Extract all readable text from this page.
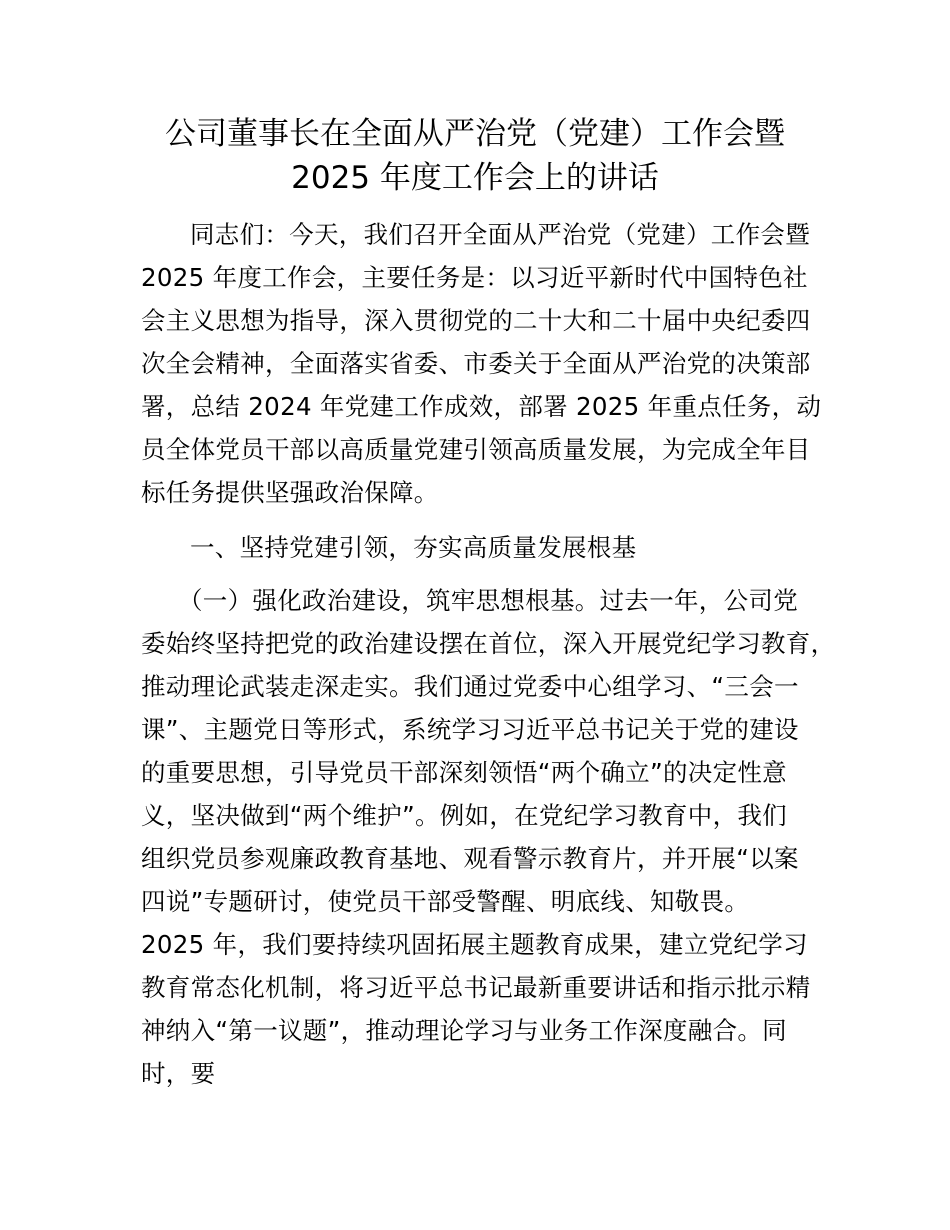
公司董事长在全面从严治党（党建）工作会暨
2025 年度工作会上的讲话
同志们：今天，我们召开全面从严治党（党建）工作会暨
2025 年度工作会，主要任务是：以习近平新时代中国特色社
会主义思想为指导，深入贯彻党的二十大和二十届中央纪委四
次全会精神，全面落实省委、市委关于全面从严治党的决策部
署，总结 2024 年党建工作成效，部署 2025 年重点任务，动
员全体党员干部以高质量党建引领高质量发展，为完成全年目
标任务提供坚强政治保障。
一、坚持党建引领，夯实高质量发展根基
（一）强化政治建设，筑牢思想根基。过去一年，公司党
委始终坚持把党的政治建设摆在首位，深入开展党纪学习教育，
推动理论武装走深走实。我们通过党委中心组学习、“三会一
课”、主题党日等形式，系统学习习近平总书记关于党的建设
的重要思想，引导党员干部深刻领悟“两个确立”的决定性意
义，坚决做到“两个维护”。例如，在党纪学习教育中，我们
组织党员参观廉政教育基地、观看警示教育片，并开展“以案
四说”专题研讨，使党员干部受警醒、明底线、知敬畏。
2025 年，我们要持续巩固拓展主题教育成果，建立党纪学习
教育常态化机制，将习近平总书记最新重要讲话和指示批示精
神纳入“第一议题”，推动理论学习与业务工作深度融合。同
时，要
